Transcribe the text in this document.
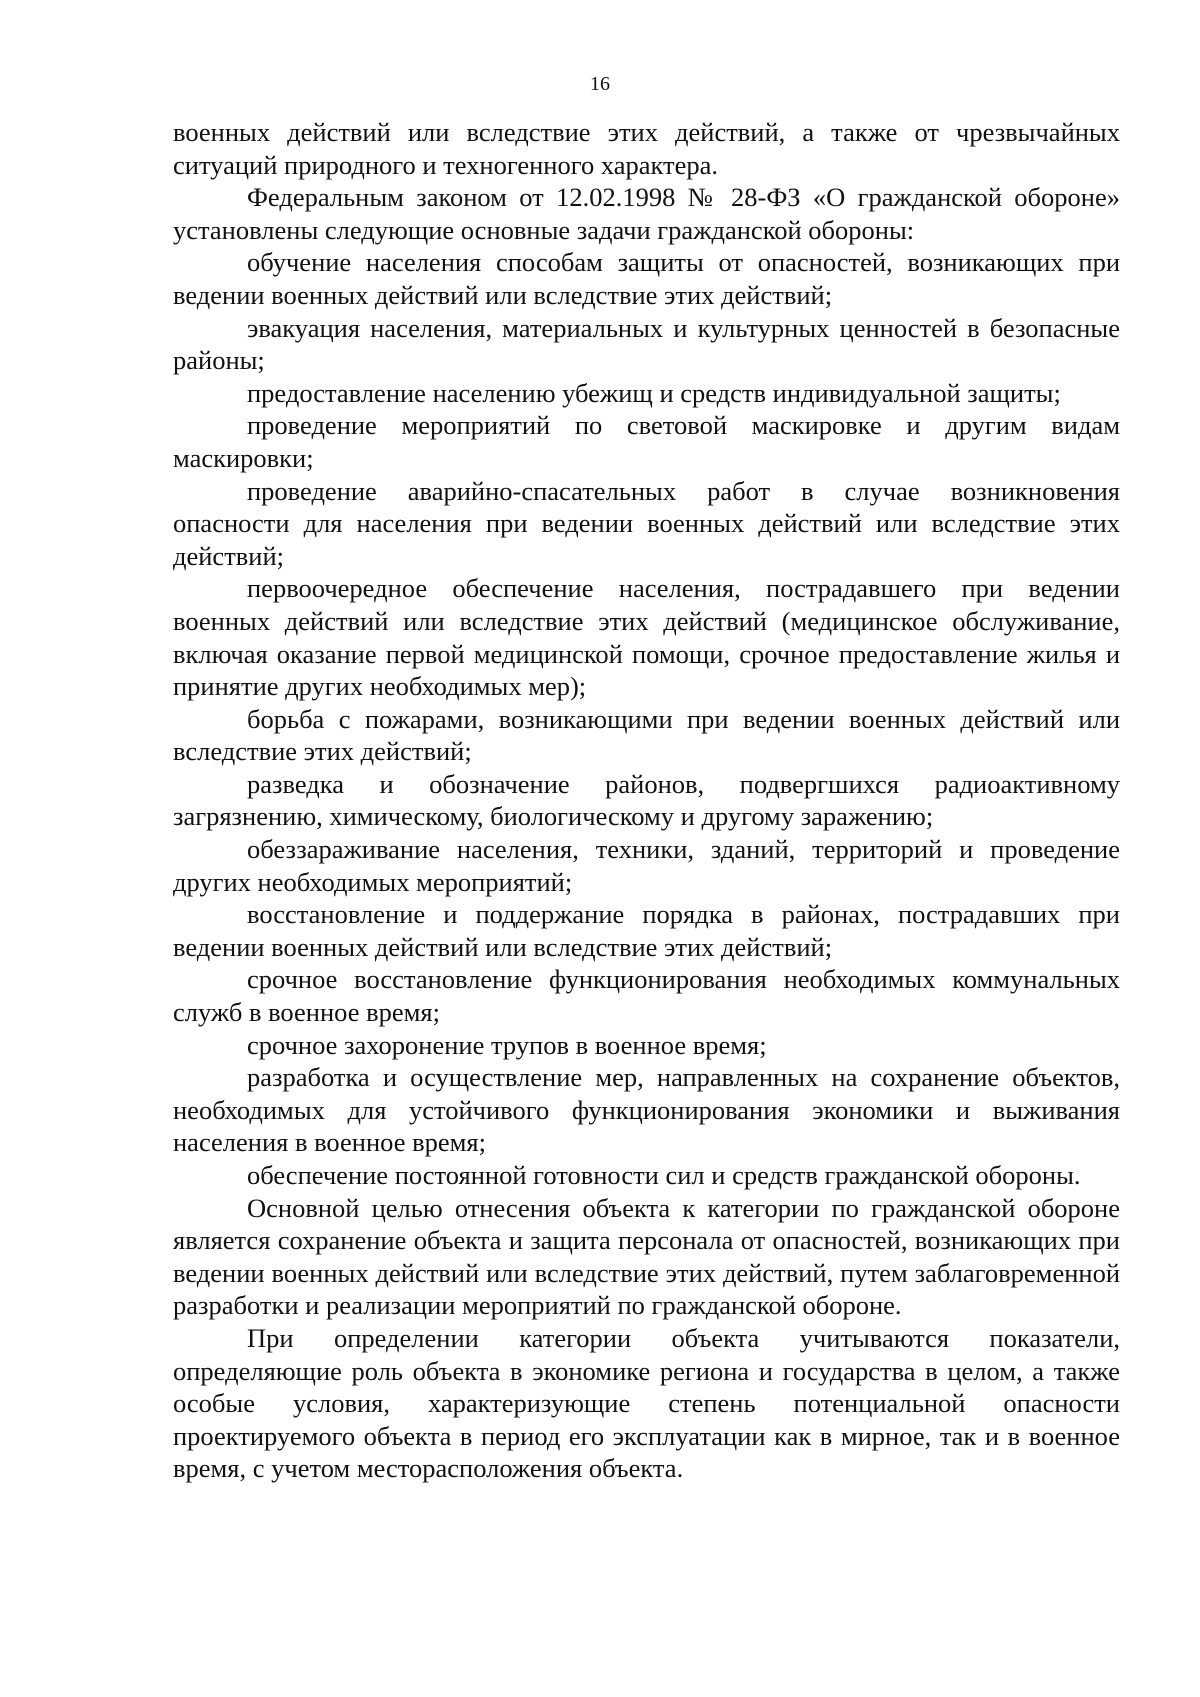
16

военных действий или вследствие этих действий, а также от чрезвычайных ситуаций природного и техногенного характера.

Федеральным законом от 12.02.1998 № 28-ФЗ «О гражданской обороне» установлены следующие основные задачи гражданской обороны:

обучение населения способам защиты от опасностей, возникающих при ведении военных действий или вследствие этих действий;

эвакуация населения, материальных и культурных ценностей в безопасные районы;

предоставление населению убежищ и средств индивидуальной защиты;

проведение мероприятий по световой маскировке и другим видам маскировки;

проведение аварийно-спасательных работ в случае возникновения опасности для населения при ведении военных действий или вследствие этих действий;

первоочередное обеспечение населения, пострадавшего при ведении военных действий или вследствие этих действий (медицинское обслуживание, включая оказание первой медицинской помощи, срочное предоставление жилья и принятие других необходимых мер);

борьба с пожарами, возникающими при ведении военных действий или вследствие этих действий;

разведка и обозначение районов, подвергшихся радиоактивному загрязнению, химическому, биологическому и другому заражению;

обеззараживание населения, техники, зданий, территорий и проведение других необходимых мероприятий;

восстановление и поддержание порядка в районах, пострадавших при ведении военных действий или вследствие этих действий;

срочное восстановление функционирования необходимых коммунальных служб в военное время;

срочное захоронение трупов в военное время;

разработка и осуществление мер, направленных на сохранение объектов, необходимых для устойчивого функционирования экономики и выживания населения в военное время;

обеспечение постоянной готовности сил и средств гражданской обороны.

Основной целью отнесения объекта к категории по гражданской обороне является сохранение объекта и защита персонала от опасностей, возникающих при ведении военных действий или вследствие этих действий, путем заблаговременной разработки и реализации мероприятий по гражданской обороне.

При определении категории объекта учитываются показатели, определяющие роль объекта в экономике региона и государства в целом, а также особые условия, характеризующие степень потенциальной опасности проектируемого объекта в период его эксплуатации как в мирное, так и в военное время, с учетом месторасположения объекта.
